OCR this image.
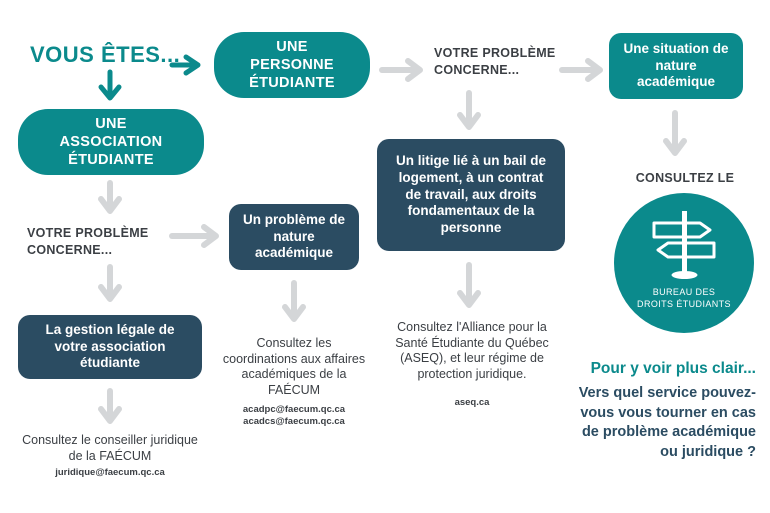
VOUS ÊTES...	UNE PERSONNE ÉTUDIANTE
VOTRE PROBLÈME CONCERNE...
Une situation de nature académique
UNE ASSOCIATION ÉTUDIANTE	Un litige lié à un bail de logement, à un contrat de travail, aux droits fondamentaux de la personne
VOTRE PROBLÈME CONCERNE...
Un problème de nature académique
La gestion légale de votre association étudiante
CONSULTEZ LE
BUREAU DES DROITS ÉTUDIANTS
Consultez les coordinations aux affaires académiques de la FAÉCUM
acadpc@faecum.qc.ca
acadcs@faecum.qc.ca
Consultez l'Alliance pour la Santé Étudiante du Québec (ASEQ), et leur régime de protection juridique.
aseq.ca
Consultez le conseiller juridique de la FAÉCUM
juridique@faecum.qc.ca
Pour y voir plus clair...
Vers quel service pouvez-vous vous tourner en cas de problème académique ou juridique ?
